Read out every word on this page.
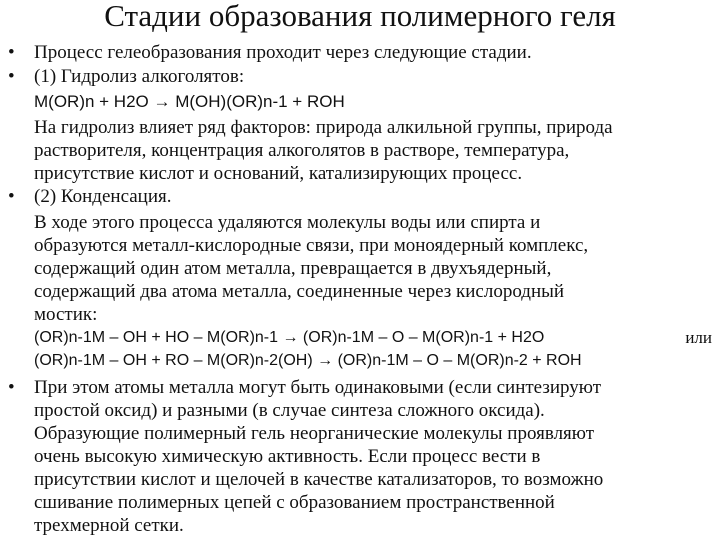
Стадии образования полимерного геля
•
•
•
•
Процесс гелеобразования проходит через следующие стадии.
(1) Гидролиз алкоголятов:
M(OR)n + H2O → M(OH)(OR)n-1 + ROH
На гидролиз влияет ряд факторов: природа алкильной группы, природа
растворителя, концентрация алкоголятов в растворе, температура,
присутствие кислот и оснований, катализирующих процесс.
(2) Конденсация.
В ходе этого процесса удаляются молекулы воды или спирта и
образуются металл-кислородные связи, при моноядерный комплекс,
содержащий один атом металла, превращается в двухъядерный,
содержащий два атома металла, соединенные через кислородный
мостик:
(OR)n-1M – OH + HO – M(OR)n-1 → (OR)n-1M – O – M(OR)n-1 + H2O	или
(OR)n-1M – OH + RO – M(OR)n-2(OH) → (OR)n-1M – O – M(OR)n-2 + ROH
При этом атомы металла могут быть одинаковыми (если синтезируют
простой оксид) и разными (в случае синтеза сложного оксида).
Образующие полимерный гель неорганические молекулы проявляют
очень высокую химическую активность. Если процесс вести в
присутствии кислот и щелочей в качестве катализаторов, то возможно
сшивание полимерных цепей с образованием пространственной
трехмерной сетки.
